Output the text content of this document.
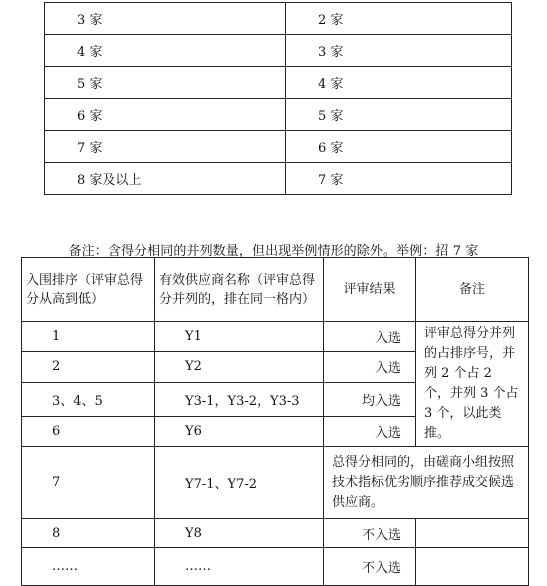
3 家	2 家
4 家	3 家
5 家	4 家
6 家	5 家
7 家	6 家
8 家及以上	7 家
备注：含得分相同的并列数量，但出现举例情形的除外。举例：招 7 家
入围排序（评审总得分从高到低）	有效供应商名称（评审总得分并列的，排在同一格内）	评审结果	备注
1	Y1	入选	评审总得分并列的占排序号，并列 2 个占 2 个，并列 3 个占 3 个，以此类推。
2	Y2	入选	
3、4、5	Y3-1，Y3-2，Y3-3	均入选	
6	Y6	入选	
7	Y7-1、Y7-2	总得分相同的，由磋商小组按照技术指标优劣顺序推荐成交候选供应商。	
8	Y8	不入选	
……	……	不入选	
